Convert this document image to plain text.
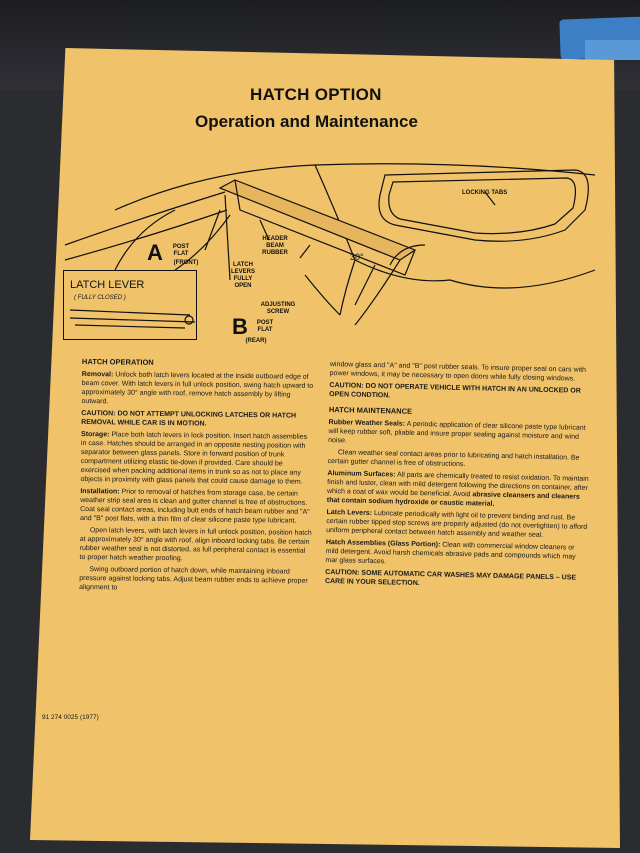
HATCH OPTION
Operation and Maintenance
LOCKING TABS
HEADER BEAM RUBBER
A	POST FLAT
(FRONT)	LATCH LEVERS FULLY OPEN
30°
ADJUSTING SCREW
B	POST FLAT
(REAR)
LATCH LEVER
( FULLY CLOSED )
HATCH OPERATION

Removal: Unlock both latch levers located at the inside outboard edge of beam cover. With latch levers in full unlock position, swing hatch upward to approximately 30° angle with roof, remove hatch assembly by lifting outward.

CAUTION: DO NOT ATTEMPT UNLOCKING LATCHES OR HATCH REMOVAL WHILE CAR IS IN MOTION.

Storage: Place both latch levers in lock position. Insert hatch assemblies in case. Hatches should be arranged in an opposite nesting position with separator between glass panels. Store in forward position of trunk compartment utilizing elastic tie-down if provided. Care should be exercised when packing additional items in trunk so as not to place any objects in proximity with glass panels that could cause damage to them.

Installation: Prior to removal of hatches from storage case, be certain weather strip seal area is clean and gutter channel is free of obstructions. Coat seal contact areas, including butt ends of hatch beam rubber and "A" and "B" post flats, with a thin film of clear silicone paste type lubricant.

Open latch levers, with latch levers in full unlock position, position hatch at approximately 30° angle with roof, align inboard locking tabs. Be certain rubber weather seal is not distorted, as full peripheral contact is essential to proper hatch weather proofing.

Swing outboard portion of hatch down, while maintaining inboard pressure against locking tabs. Adjust beam rubber ends to achieve proper alignment to

window glass and "A" and "B" post rubber seals. To insure proper seal on cars with power windows, it may be necessary to open doors while fully closing windows.

CAUTION: DO NOT OPERATE VEHICLE WITH HATCH IN AN UNLOCKED OR OPEN CONDTION.

HATCH MAINTENANCE

Rubber Weather Seals: A periodic application of clear silicone paste type lubricant will keep rubber soft, pliable and insure proper sealing against moisture and wind noise.

Clean weather seal contact areas prior to lubricating and hatch installation. Be certain gutter channel is free of obstructions.

Aluminum Surfaces: All parts are chemically treated to resist oxidation. To maintain finish and luster, clean with mild detergent following the directions on container, after which a coat of wax would be beneficial. Avoid abrasive cleansers and cleaners that contain sodium hydroxide or caustic material.

Latch Levers: Lubricate periodically with light oil to prevent binding and rust. Be certain rubber tipped stop screws are properly adjusted (do not overtighten) to afford uniform peripheral contact between hatch assembly and weather seal.

Hatch Assemblies (Glass Portion): Clean with commercial window cleaners or mild detergent. Avoid harsh chemicals abrasive pads and compounds which may mar glass surfaces.

CAUTION: SOME AUTOMATIC CAR WASHES MAY DAMAGE PANELS – USE CARE IN YOUR SELECTION.

91 274 0025 (1977)
